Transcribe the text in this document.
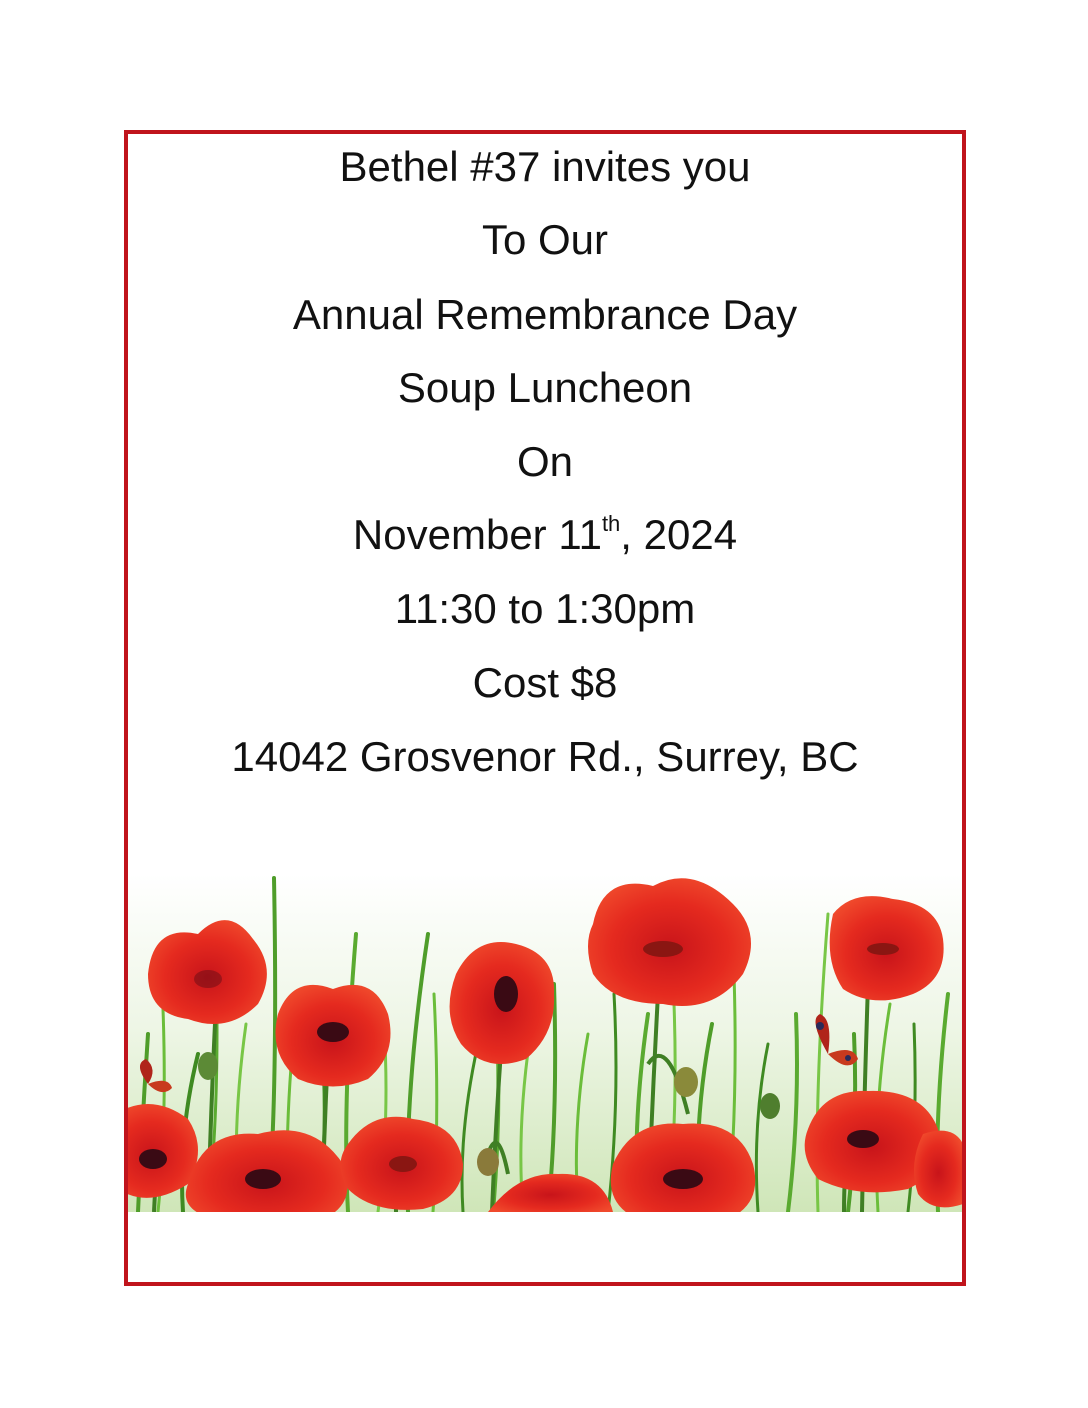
Bethel #37 invites you
To Our
Annual Remembrance Day
Soup Luncheon
On
November 11th, 2024
11:30 to 1:30pm
Cost $8
14042 Grosvenor Rd., Surrey, BC
